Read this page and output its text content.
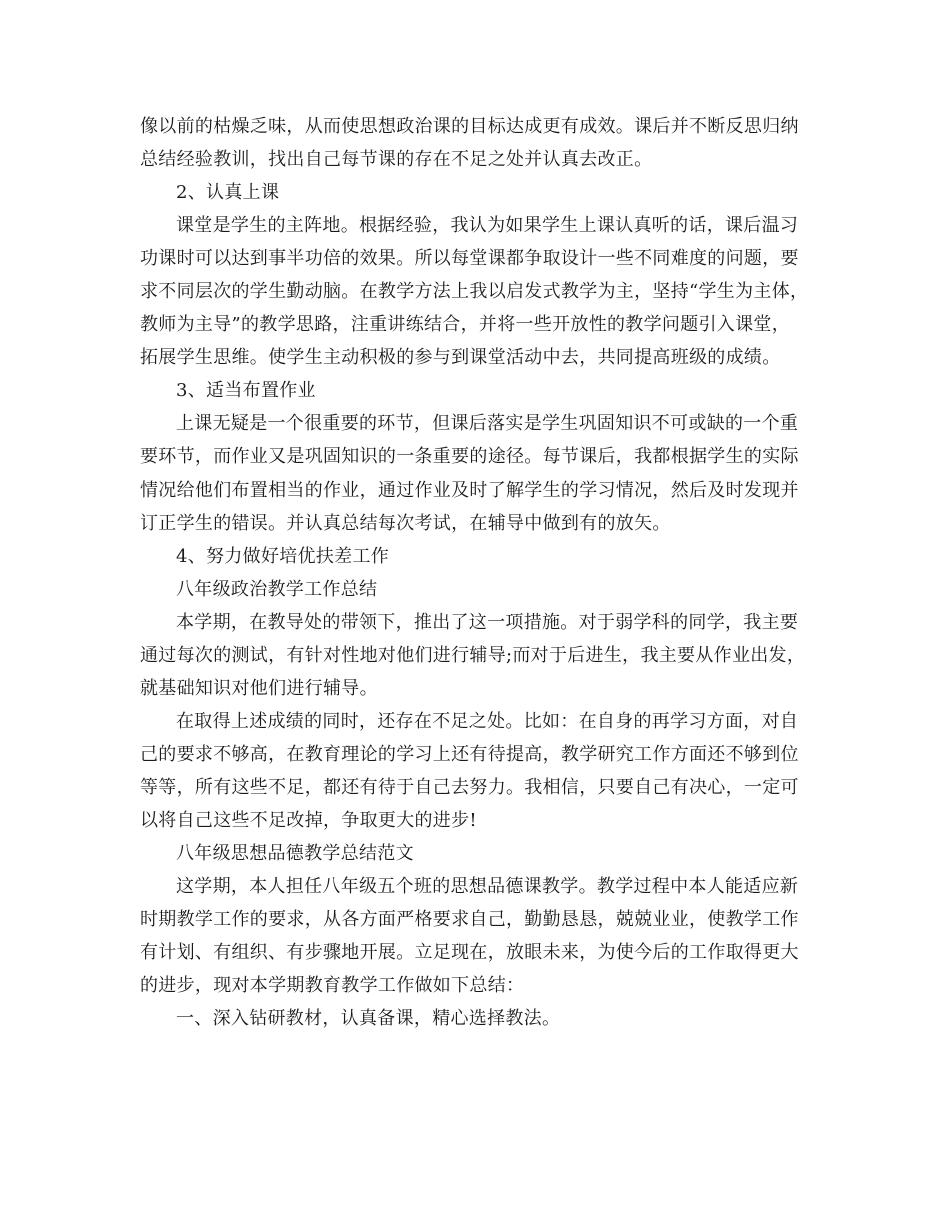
像以前的枯燥乏味，从而使思想政治课的目标达成更有成效。课后并不断反思归纳
总结经验教训，找出自己每节课的存在不足之处并认真去改正。
2、认真上课
课堂是学生的主阵地。根据经验，我认为如果学生上课认真听的话，课后温习
功课时可以达到事半功倍的效果。所以每堂课都争取设计一些不同难度的问题，要
求不同层次的学生勤动脑。在教学方法上我以启发式教学为主，坚持“学生为主体，
教师为主导”的教学思路，注重讲练结合，并将一些开放性的教学问题引入课堂，
拓展学生思维。使学生主动积极的参与到课堂活动中去，共同提高班级的成绩。
3、适当布置作业
上课无疑是一个很重要的环节，但课后落实是学生巩固知识不可或缺的一个重
要环节，而作业又是巩固知识的一条重要的途径。每节课后，我都根据学生的实际
情况给他们布置相当的作业，通过作业及时了解学生的学习情况，然后及时发现并
订正学生的错误。并认真总结每次考试，在辅导中做到有的放矢。
4、努力做好培优扶差工作
八年级政治教学工作总结
本学期，在教导处的带领下，推出了这一项措施。对于弱学科的同学，我主要
通过每次的测试，有针对性地对他们进行辅导;而对于后进生，我主要从作业出发，
就基础知识对他们进行辅导。
在取得上述成绩的同时，还存在不足之处。比如：在自身的再学习方面，对自
己的要求不够高，在教育理论的学习上还有待提高，教学研究工作方面还不够到位
等等，所有这些不足，都还有待于自己去努力。我相信，只要自己有决心，一定可
以将自己这些不足改掉，争取更大的进步!
八年级思想品德教学总结范文
这学期，本人担任八年级五个班的思想品德课教学。教学过程中本人能适应新
时期教学工作的要求，从各方面严格要求自己，勤勤恳恳，兢兢业业，使教学工作
有计划、有组织、有步骤地开展。立足现在，放眼未来，为使今后的工作取得更大
的进步，现对本学期教育教学工作做如下总结：
一、深入钻研教材，认真备课，精心选择教法。
